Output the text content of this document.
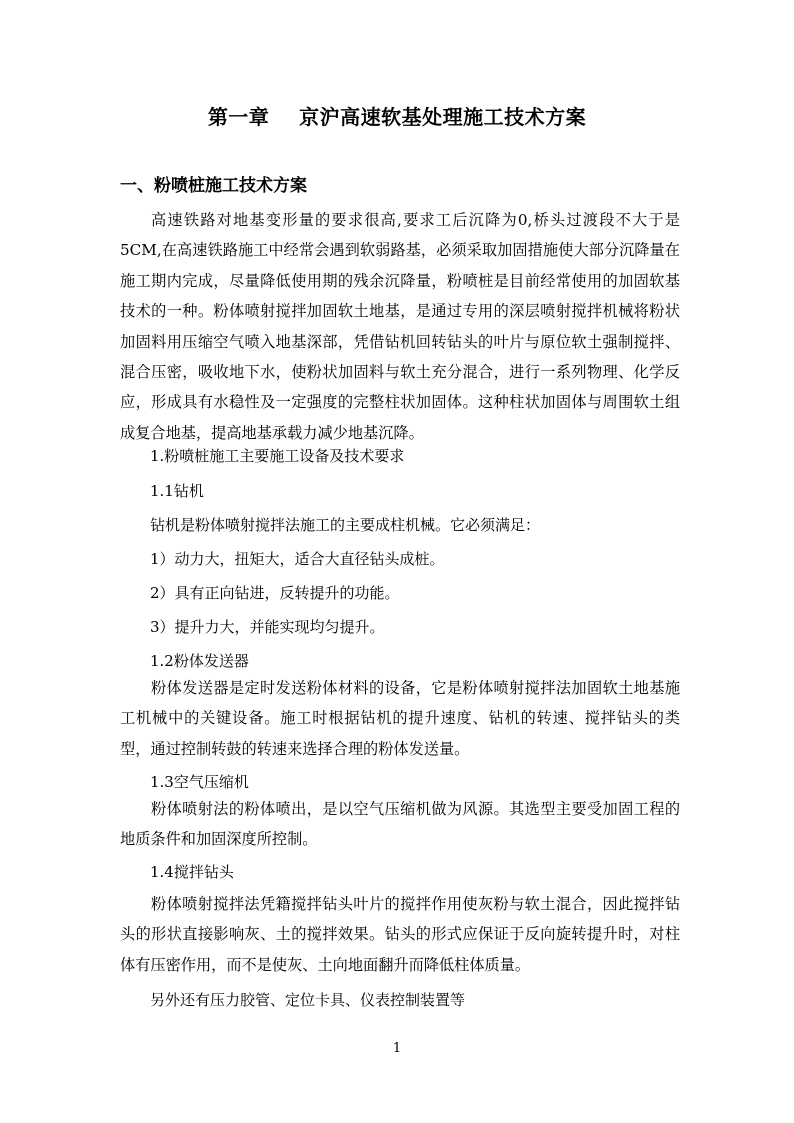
第一章    京沪高速软基处理施工技术方案
一、粉喷桩施工技术方案
高速铁路对地基变形量的要求很高,要求工后沉降为0,桥头过渡段不大于是5CM,在高速铁路施工中经常会遇到软弱路基，必须采取加固措施使大部分沉降量在施工期内完成，尽量降低使用期的残余沉降量，粉喷桩是目前经常使用的加固软基技术的一种。粉体喷射搅拌加固软土地基，是通过专用的深层喷射搅拌机械将粉状加固料用压缩空气喷入地基深部，凭借钻机回转钻头的叶片与原位软土强制搅拌、混合压密，吸收地下水，使粉状加固料与软土充分混合，进行一系列物理、化学反应，形成具有水稳性及一定强度的完整柱状加固体。这种柱状加固体与周围软土组成复合地基，提高地基承载力减少地基沉降。
1.粉喷桩施工主要施工设备及技术要求
1.1钻机
钻机是粉体喷射搅拌法施工的主要成柱机械。它必须满足：
1）动力大，扭矩大，适合大直径钻头成桩。
2）具有正向钻进，反转提升的功能。
3）提升力大，并能实现均匀提升。
1.2粉体发送器
粉体发送器是定时发送粉体材料的设备，它是粉体喷射搅拌法加固软土地基施工机械中的关键设备。施工时根据钻机的提升速度、钻机的转速、搅拌钻头的类型，通过控制转鼓的转速来选择合理的粉体发送量。
1.3空气压缩机
粉体喷射法的粉体喷出，是以空气压缩机做为风源。其选型主要受加固工程的地质条件和加固深度所控制。
1.4搅拌钻头
粉体喷射搅拌法凭籍搅拌钻头叶片的搅拌作用使灰粉与软土混合，因此搅拌钻头的形状直接影响灰、土的搅拌效果。钻头的形式应保证于反向旋转提升时，对柱体有压密作用，而不是使灰、土向地面翻升而降低柱体质量。
另外还有压力胶管、定位卡具、仪表控制装置等
1
